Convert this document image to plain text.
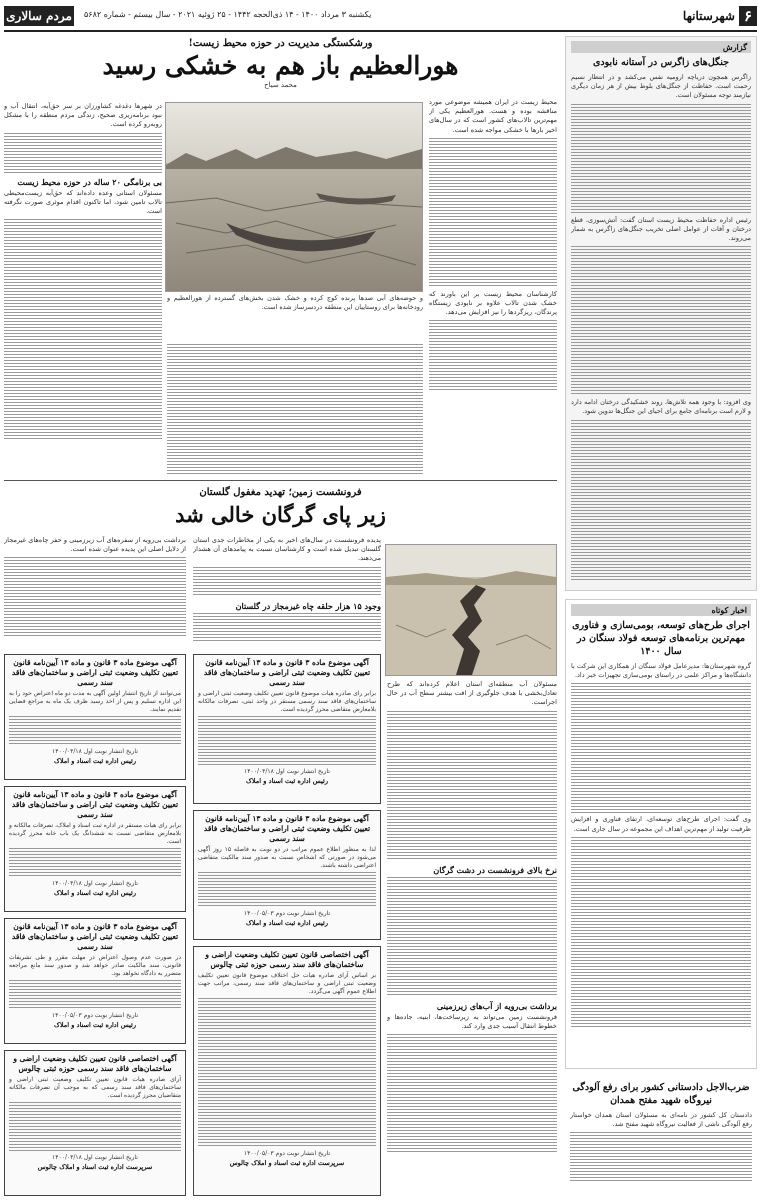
۶
شهرستانها
یکشنبه ۳ مرداد ۱۴۰۰ - ۱۴ ذی‌الحجه ۱۴۴۲ - ۲۵ ژوئیه ۲۰۲۱ - سال بیستم - شماره ۵۶۸۲
مردم سالاری
گزارش
جنگل‌های زاگرس در آستانه نابودی

زاگرس همچون دریاچه ارومیه نفس می‌کشد و در انتظار نسیم رحمت است. حفاظت از جنگل‌های بلوط بیش از هر زمان دیگری نیازمند توجه مسئولان است.

رئیس اداره حفاظت محیط زیست استان گفت: آتش‌سوزی، قطع درختان و آفات از عوامل اصلی تخریب جنگل‌های زاگرس به شمار می‌روند.

وی افزود: با وجود همه تلاش‌ها، روند خشکیدگی درختان ادامه دارد و لازم است برنامه‌ای جامع برای احیای این جنگل‌ها تدوین شود.

اخبار کوتاه
اجرای طرح‌های توسعه، بومی‌سازی و فناوری مهم‌ترین برنامه‌های توسعه فولاد سنگان در سال ۱۴۰۰

گروه شهرستان‌ها: مدیرعامل فولاد سنگان از همکاری این شرکت با دانشگاه‌ها و مراکز علمی در راستای بومی‌سازی تجهیزات خبر داد.

وی گفت: اجرای طرح‌های توسعه‌ای، ارتقای فناوری و افزایش ظرفیت تولید از مهم‌ترین اهداف این مجموعه در سال جاری است.

ضرب‌الاجل دادستانی کشور برای رفع آلودگی نیروگاه شهید مفتح همدان

دادستان کل کشور در نامه‌ای به مسئولان استان همدان خواستار رفع آلودگی ناشی از فعالیت نیروگاه شهید مفتح شد.

ورشکستگی مدیریت در حوزه محیط زیست!
هورالعظیم باز هم به خشکی رسید
محمد سیاح

محیط زیست در ایران همیشه موضوعی مورد مناقشه بوده و هست. هورالعظیم یکی از مهم‌ترین تالاب‌های کشور است که در سال‌های اخیر بارها با خشکی مواجه شده است.

کارشناسان محیط زیست بر این باورند که خشک شدن تالاب علاوه بر نابودی زیستگاه پرندگان، ریزگردها را نیز افزایش می‌دهد.

و حوضه‌های آبی صدها پرنده کوچ کرده و خشک شدن بخش‌های گسترده از هورالعظیم و رودخانه‌ها برای روستاییان این منطقه دردسرساز شده است.

در شهرها دغدغه کشاورزان بر سر حق‌آبه، انتقال آب و نبود برنامه‌ریزی صحیح، زندگی مردم منطقه را با مشکل روبه‌رو کرده است.

بی برنامگی ۲۰ ساله در حوزه محیط زیست

مسئولان استانی وعده داده‌اند که حق‌آبه زیست‌محیطی تالاب تامین شود، اما تاکنون اقدام موثری صورت نگرفته است.

فرونشست زمین؛ تهدید مغفول گلستان
زیر پای گرگان خالی شد

پدیده فرونشست در سال‌های اخیر به یکی از مخاطرات جدی استان گلستان تبدیل شده است و کارشناسان نسبت به پیامدهای آن هشدار می‌دهند.

وجود ۱۵ هزار حلقه چاه غیرمجاز در گلستان

برداشت بی‌رویه از سفره‌های آب زیرزمینی و حفر چاه‌های غیرمجاز از دلایل اصلی این پدیده عنوان شده است.

مسئولان آب منطقه‌ای استان اعلام کرده‌اند که طرح تعادل‌بخشی با هدف جلوگیری از افت بیشتر سطح آب در حال اجراست.

نرخ بالای فرونشست در دشت گرگان
برداشت بی‌رویه از آب‌های زیرزمینی

فرونشست زمین می‌تواند به زیرساخت‌ها، ابنیه، جاده‌ها و خطوط انتقال آسیب جدی وارد کند.

آگهی موضوع ماده ۳ قانون و ماده ۱۳ آیین‌نامه قانون تعیین تکلیف وضعیت ثبتی اراضی و ساختمان‌های فاقد سند رسمی
برابر رای صادره هیات موضوع قانون تعیین تکلیف وضعیت ثبتی اراضی و ساختمان‌های فاقد سند رسمی مستقر در واحد ثبتی، تصرفات مالکانه بلامعارض متقاضی محرز گردیده است.
تاریخ انتشار نوبت اول ۱۴۰۰/۰۴/۱۸
رئیس اداره ثبت اسناد و املاک
آگهی موضوع ماده ۳ قانون و ماده ۱۳ آیین‌نامه قانون تعیین تکلیف وضعیت ثبتی اراضی و ساختمان‌های فاقد سند رسمی
لذا به منظور اطلاع عموم مراتب در دو نوبت به فاصله ۱۵ روز آگهی می‌شود در صورتی که اشخاص نسبت به صدور سند مالکیت متقاضی اعتراضی داشته باشند.
تاریخ انتشار نوبت دوم ۱۴۰۰/۰۵/۰۳
رئیس اداره ثبت اسناد و املاک
آگهی اختصاصی قانون تعیین تکلیف وضعیت اراضی و ساختمان‌های فاقد سند رسمی حوزه ثبتی چالوس
بر اساس آرای صادره هیات حل اختلاف موضوع قانون تعیین تکلیف وضعیت ثبتی اراضی و ساختمان‌های فاقد سند رسمی، مراتب جهت اطلاع عموم آگهی می‌گردد.
تاریخ انتشار نوبت دوم ۱۴۰۰/۰۵/۰۳
سرپرست اداره ثبت اسناد و املاک چالوس
آگهی موضوع ماده ۳ قانون و ماده ۱۳ آیین‌نامه قانون تعیین تکلیف وضعیت ثبتی اراضی و ساختمان‌های فاقد سند رسمی
می‌توانند از تاریخ انتشار اولین آگهی به مدت دو ماه اعتراض خود را به این اداره تسلیم و پس از اخذ رسید ظرف یک ماه به مراجع قضایی تقدیم نمایند.
تاریخ انتشار نوبت اول ۱۴۰۰/۰۴/۱۸
رئیس اداره ثبت اسناد و املاک
آگهی موضوع ماده ۳ قانون و ماده ۱۳ آیین‌نامه قانون تعیین تکلیف وضعیت ثبتی اراضی و ساختمان‌های فاقد سند رسمی
برابر رای هیات مستقر در اداره ثبت اسناد و املاک، تصرفات مالکانه و بلامعارض متقاضی نسبت به ششدانگ یک باب خانه محرز گردیده است.
تاریخ انتشار نوبت اول ۱۴۰۰/۰۴/۱۸
رئیس اداره ثبت اسناد و املاک
آگهی موضوع ماده ۳ قانون و ماده ۱۳ آیین‌نامه قانون تعیین تکلیف وضعیت ثبتی اراضی و ساختمان‌های فاقد سند رسمی
در صورت عدم وصول اعتراض در مهلت مقرر و طی تشریفات قانونی، سند مالکیت صادر خواهد شد و صدور سند مانع مراجعه متضرر به دادگاه نخواهد بود.
تاریخ انتشار نوبت دوم ۱۴۰۰/۰۵/۰۳
رئیس اداره ثبت اسناد و املاک
آگهی اختصاصی قانون تعیین تکلیف وضعیت اراضی و ساختمان‌های فاقد سند رسمی حوزه ثبتی چالوس
آرای صادره هیات قانون تعیین تکلیف وضعیت ثبتی اراضی و ساختمان‌های فاقد سند رسمی که به موجب آن تصرفات مالکانه متقاضیان محرز گردیده است.
تاریخ انتشار نوبت اول ۱۴۰۰/۰۴/۱۸
سرپرست اداره ثبت اسناد و املاک چالوس
